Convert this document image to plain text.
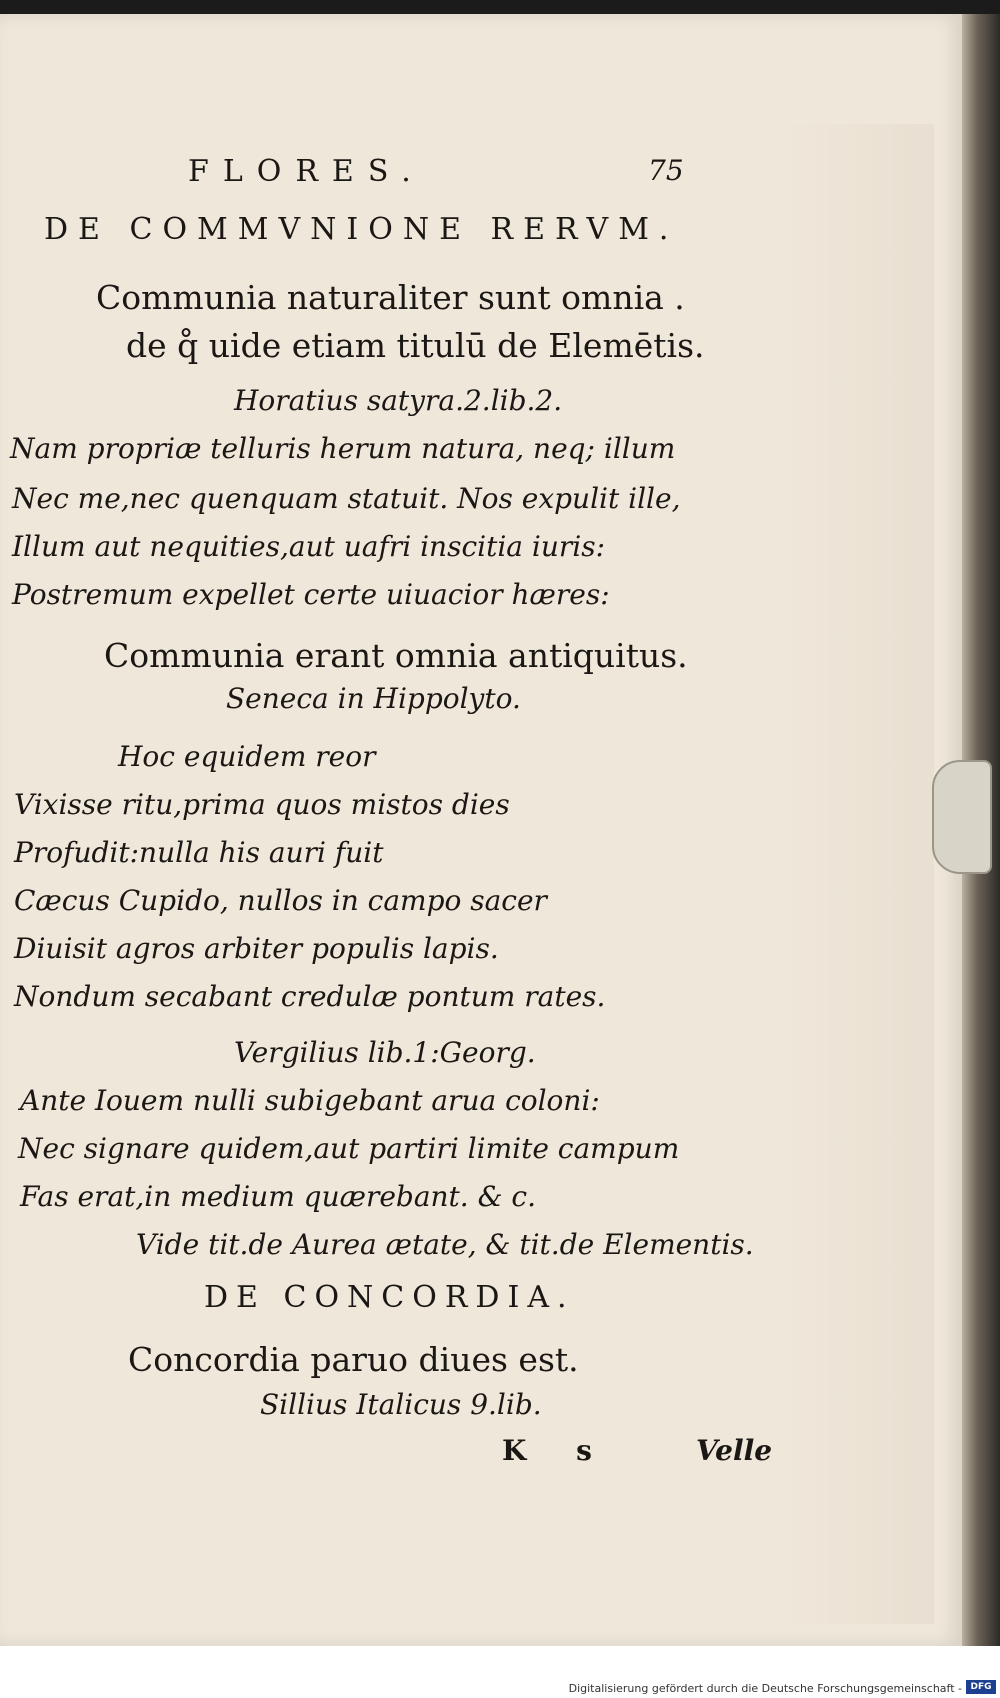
FLORES.	75
DE COMMVNIONE RERVM.
Communia naturaliter sunt omnia .
de q̊ uide etiam titulū de Elemētis.
Horatius satyra.2.lib.2.
Nam propriæ telluris herum natura, neq; illum
Nec me,nec quenquam statuit. Nos expulit ille,
Illum aut nequities,aut uafri inscitia iuris:
Postremum expellet certe uiuacior hæres:
Communia erant omnia antiquitus.
Seneca in Hippolyto.
Hoc equidem reor
Vixisse ritu,prima quos mistos dies
Profudit:nulla his auri fuit
Cæcus Cupido, nullos in campo sacer
Diuisit agros arbiter populis lapis.
Nondum secabant credulæ pontum rates.
Vergilius lib.1:Georg.
Ante Iouem nulli subigebant arua coloni:
Nec signare quidem,aut partiri limite campum
Fas erat,in medium quærebant. & c.
Vide tit.de Aurea ætate, & tit.de Elementis.
DE CONCORDIA.
Concordia paruo diues est.
Sillius Italicus 9.lib.
K s	Velle
Digitalisierung gefördert durch die Deutsche Forschungsgemeinschaft - DFG
